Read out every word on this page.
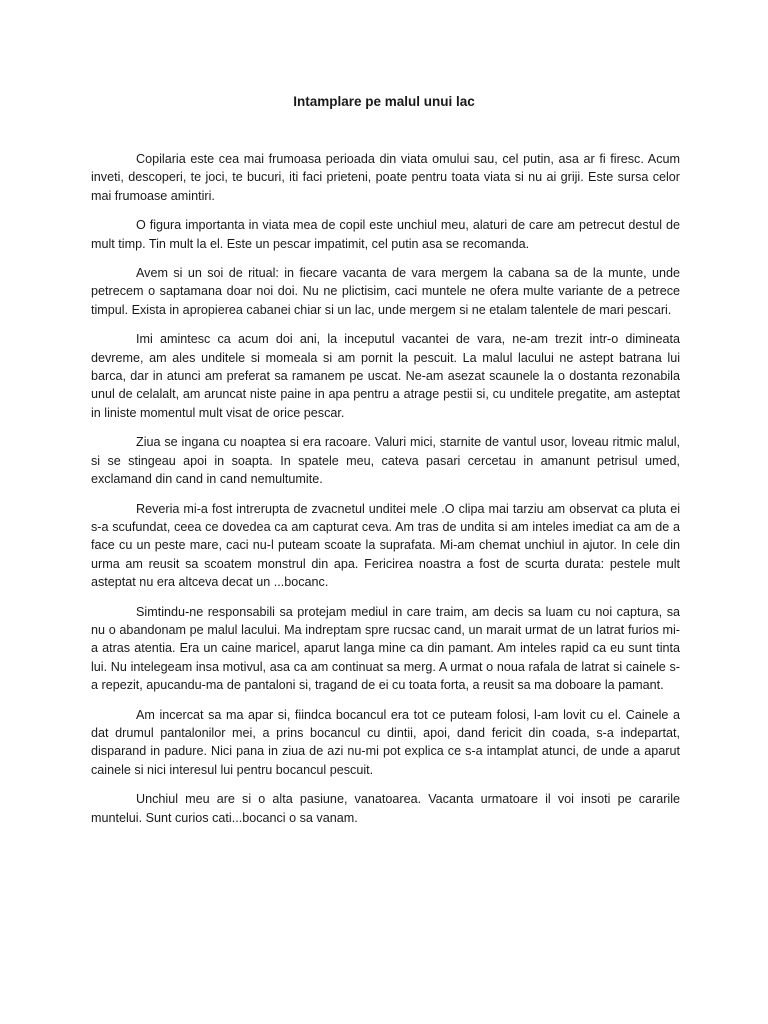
Intamplare pe malul unui lac

Copilaria este cea mai frumoasa perioada din viata omului sau, cel putin, asa ar fi firesc. Acum inveti, descoperi, te joci, te bucuri, iti faci prieteni, poate pentru toata viata si nu ai griji. Este sursa celor mai frumoase amintiri.

O figura importanta in viata mea de copil este unchiul meu, alaturi de care am petrecut destul de mult timp. Tin mult la el. Este un pescar impatimit, cel putin asa se recomanda.

Avem si un soi de ritual: in fiecare vacanta de vara mergem la cabana sa de la munte, unde petrecem o saptamana doar noi doi. Nu ne plictisim, caci muntele ne ofera multe variante de a petrece timpul. Exista in apropierea cabanei chiar si un lac, unde mergem si ne etalam talentele de mari pescari.

Imi amintesc ca acum doi ani, la inceputul vacantei de vara, ne-am trezit intr-o dimineata devreme, am ales unditele si momeala si am pornit la pescuit. La malul lacului ne astept batrana lui barca, dar in atunci am preferat sa ramanem pe uscat. Ne-am asezat scaunele la o dostanta rezonabila unul de celalalt, am aruncat niste paine in apa pentru a atrage pestii si, cu unditele pregatite, am asteptat in liniste momentul mult visat de orice pescar.

Ziua se ingana cu noaptea si era racoare. Valuri mici, starnite de vantul usor, loveau ritmic malul, si se stingeau apoi in soapta. In spatele meu, cateva pasari cercetau in amanunt petrisul umed, exclamand din cand in cand nemultumite.

Reveria mi-a fost intrerupta de zvacnetul unditei mele .O clipa mai tarziu am observat ca pluta ei s-a scufundat, ceea ce dovedea ca am capturat ceva. Am tras de undita si am inteles imediat ca am de a face cu un peste mare, caci nu-l puteam scoate la suprafata. Mi-am chemat unchiul in ajutor. In cele din urma am reusit sa scoatem monstrul din apa. Fericirea noastra a fost de scurta durata: pestele mult asteptat nu era altceva decat un ...bocanc.

Simtindu-ne responsabili sa protejam mediul in care traim, am decis sa luam cu noi captura, sa nu o abandonam pe malul lacului. Ma indreptam spre rucsac cand, un marait urmat de un latrat furios mi-a atras atentia. Era un caine maricel, aparut langa mine ca din pamant. Am inteles rapid ca eu sunt tinta lui. Nu intelegeam insa motivul, asa ca am continuat sa merg. A urmat o noua rafala de latrat si cainele s-a repezit, apucandu-ma de pantaloni si, tragand de ei cu toata forta, a reusit sa ma doboare la pamant.

Am incercat sa ma apar si, fiindca bocancul era tot ce puteam folosi, l-am lovit cu el. Cainele a dat drumul pantalonilor mei, a prins bocancul cu dintii, apoi, dand fericit din coada, s-a indepartat, disparand in padure. Nici pana in ziua de azi nu-mi pot explica ce s-a intamplat atunci, de unde a aparut cainele si nici interesul lui pentru bocancul pescuit.

Unchiul meu are si o alta pasiune, vanatoarea. Vacanta urmatoare il voi insoti pe cararile muntelui. Sunt curios cati...bocanci o sa vanam.
